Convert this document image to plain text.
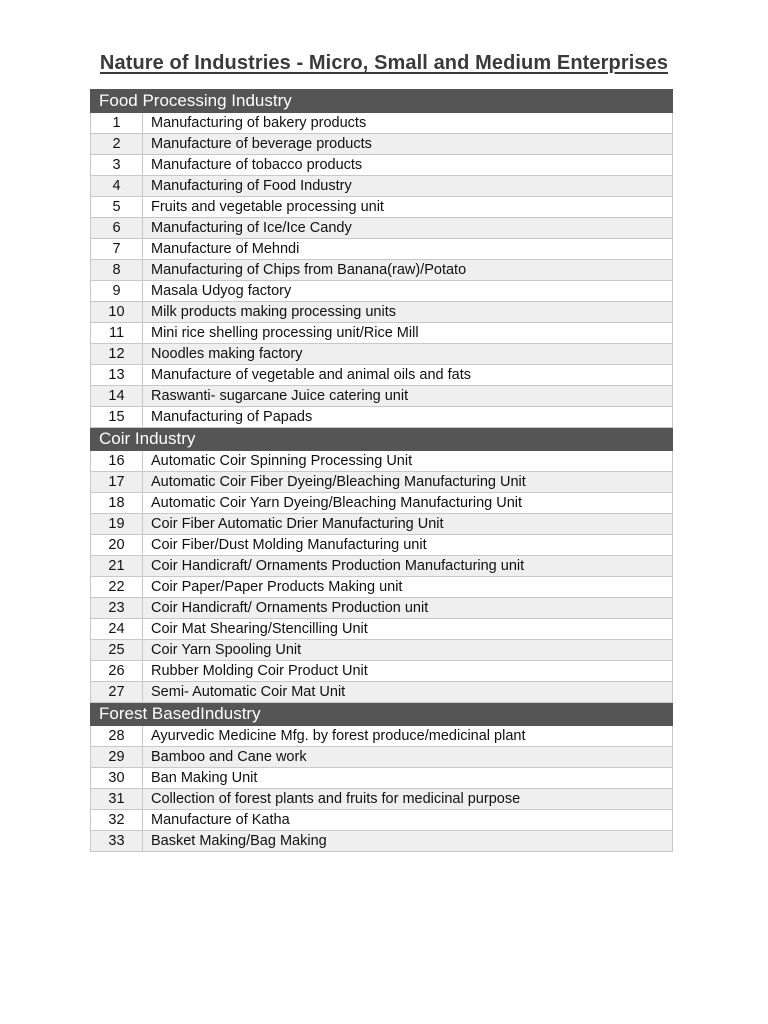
Nature of Industries - Micro, Small and Medium Enterprises
Food Processing Industry	
1	Manufacturing of bakery products
2	Manufacture of beverage products
3	Manufacture of tobacco products
4	Manufacturing of Food Industry
5	Fruits and vegetable processing unit
6	Manufacturing of Ice/Ice Candy
7	Manufacture of Mehndi
8	Manufacturing of Chips from Banana(raw)/Potato
9	Masala Udyog factory
10	Milk products making processing units
11	Mini rice shelling processing unit/Rice Mill
12	Noodles making factory
13	Manufacture of vegetable and animal oils and fats
14	Raswanti- sugarcane Juice catering unit
15	Manufacturing of Papads
Coir Industry	
16	Automatic Coir Spinning Processing Unit
17	Automatic Coir Fiber Dyeing/Bleaching Manufacturing Unit
18	Automatic Coir Yarn Dyeing/Bleaching Manufacturing Unit
19	Coir Fiber Automatic Drier Manufacturing Unit
20	Coir Fiber/Dust Molding Manufacturing unit
21	Coir Handicraft/ Ornaments Production Manufacturing unit
22	Coir Paper/Paper Products Making unit
23	Coir Handicraft/ Ornaments Production unit
24	Coir Mat Shearing/Stencilling Unit
25	Coir Yarn Spooling Unit
26	Rubber Molding Coir Product Unit
27	Semi- Automatic Coir Mat Unit
Forest BasedIndustry	
28	Ayurvedic Medicine Mfg. by forest produce/medicinal plant
29	Bamboo and Cane work
30	Ban Making Unit
31	Collection of forest plants and fruits for medicinal purpose
32	Manufacture of Katha
33	Basket Making/Bag Making
